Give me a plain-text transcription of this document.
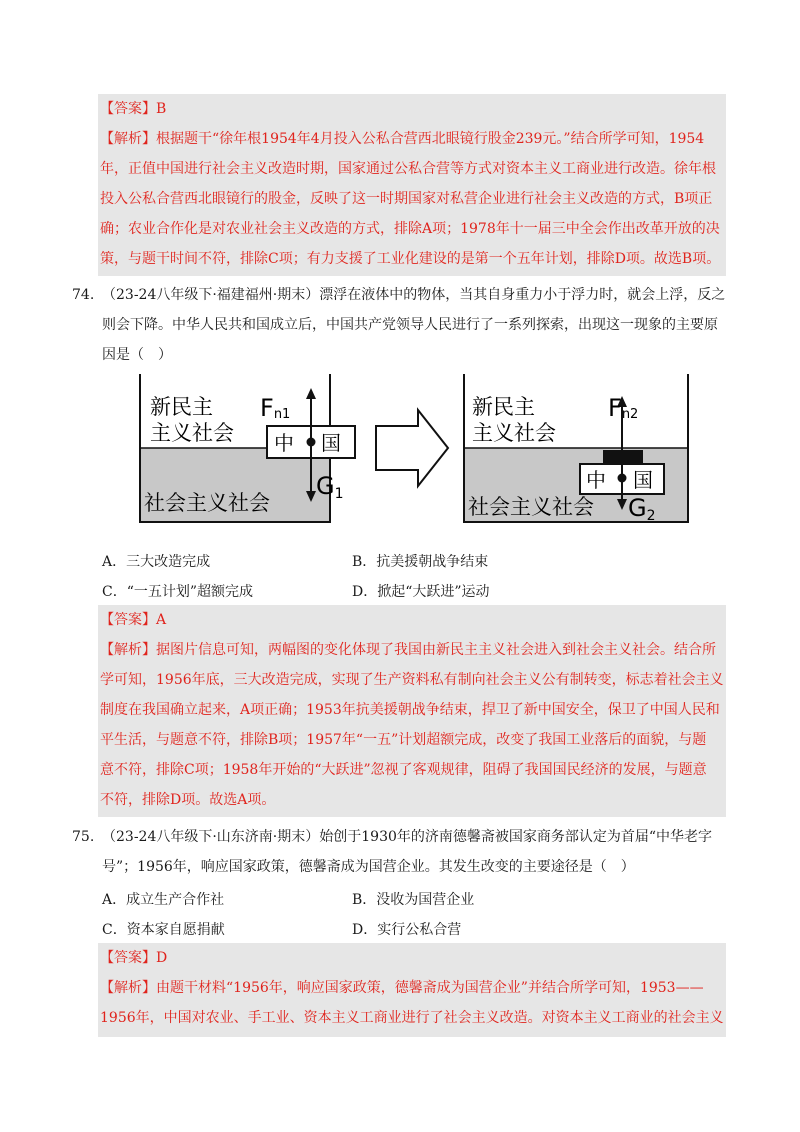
【答案】B

【解析】根据题干“徐年根1954年4月投入公私合营西北眼镜行股金239元。”结合所学可知，1954

年，正值中国进行社会主义改造时期，国家通过公私合营等方式对资本主义工商业进行改造。徐年根

投入公私合营西北眼镜行的股金，反映了这一时期国家对私营企业进行社会主义改造的方式，B项正

确；农业合作化是对农业社会主义改造的方式，排除A项；1978年十一届三中全会作出改革开放的决

策，与题干时间不符，排除C项；有力支援了工业化建设的是第一个五年计划，排除D项。故选B项。

74. （23-24八年级下·福建福州·期末）漂浮在液体中的物体，当其自身重力小于浮力时，就会上浮，反之

则会下降。中华人民共和国成立后，中国共产党领导人民进行了一系列探索，出现这一现象的主要原

因是（　）

新民主
主义社会
社会主义社会
中 国
Fn1
G1
新民主
主义社会
社会主义社会
中 国
Fn2
G2
A．三大改造完成	B．抗美援朝战争结束
C．“一五计划”超额完成	D．掀起“大跃进”运动

【答案】A

【解析】据图片信息可知，两幅图的变化体现了我国由新民主主义社会进入到社会主义社会。结合所

学可知，1956年底，三大改造完成，实现了生产资料私有制向社会主义公有制转变，标志着社会主义

制度在我国确立起来，A项正确；1953年抗美援朝战争结束，捍卫了新中国安全，保卫了中国人民和

平生活，与题意不符，排除B项；1957年“一五”计划超额完成，改变了我国工业落后的面貌，与题

意不符，排除C项；1958年开始的“大跃进”忽视了客观规律，阻碍了我国国民经济的发展，与题意

不符，排除D项。故选A项。

75. （23-24八年级下·山东济南·期末）始创于1930年的济南德馨斋被国家商务部认定为首届“中华老字

号”；1956年，响应国家政策，德馨斋成为国营企业。其发生改变的主要途径是（　）

A．成立生产合作社	B．没收为国营企业
C．资本家自愿捐献	D．实行公私合营

【答案】D

【解析】由题干材料“1956年，响应国家政策，德馨斋成为国营企业”并结合所学可知，1953——

1956年，中国对农业、手工业、资本主义工商业进行了社会主义改造。对资本主义工商业的社会主义
